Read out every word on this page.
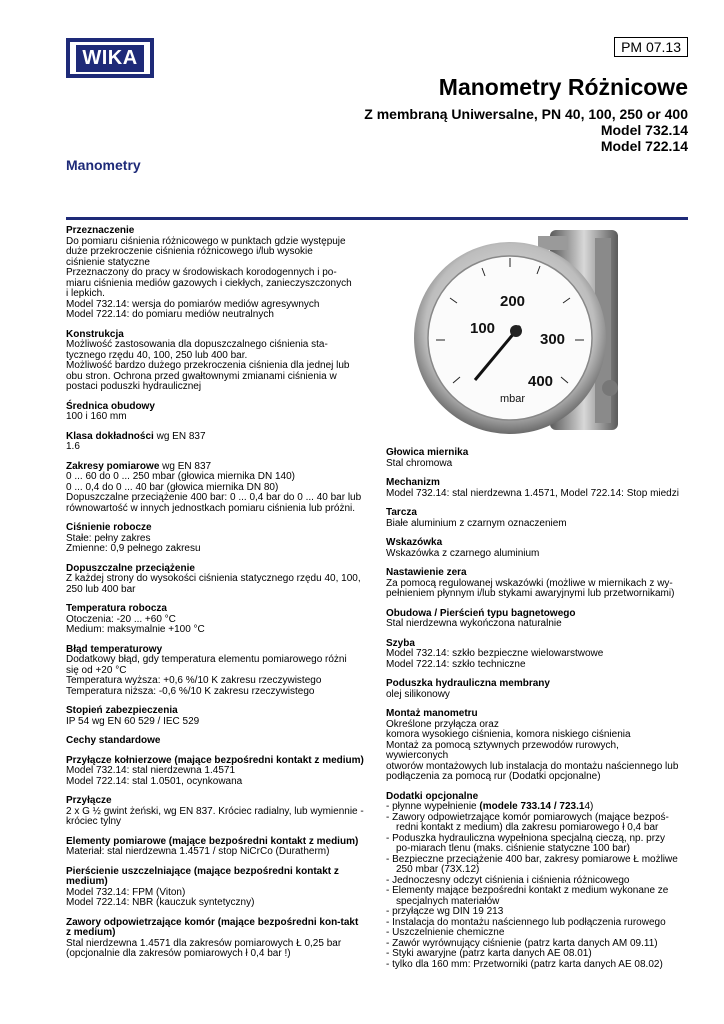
WIKA	PM 07.13
Manometry Różnicowe
Z membraną Uniwersalne, PN 40, 100, 250 or 400
Model 732.14
Model 722.14
Manometry
100
200
300
400
mbar
Przeznaczenie
Do pomiaru ciśnienia różnicowego w punktach gdzie występuje
duże przekroczenie ciśnienia różnicowego i/lub wysokie
ciśnienie statyczne
Przeznaczony do pracy w środowiskach korodogennych i po-
miaru ciśnienia mediów gazowych i ciekłych, zanieczyszczonych
i lepkich.
Model 732.14: wersja do pomiarów mediów agresywnych
Model 722.14: do pomiaru mediów neutralnych
Konstrukcja
Możliwość zastosowania dla dopuszczalnego ciśnienia sta-
tycznego rzędu 40, 100, 250 lub 400 bar.
Możliwość bardzo dużego przekroczenia ciśnienia dla jednej lub
obu stron. Ochrona przed gwałtownymi zmianami ciśnienia w
postaci poduszki hydraulicznej
Średnica obudowy
100 i 160 mm
Klasa dokładności wg EN 837
1.6
Zakresy pomiarowe wg EN 837
0 ... 60 do 0 ... 250 mbar (głowica miernika DN 140)
0 ... 0,4 do 0 ... 40 bar (głowica miernika DN 80)
Dopuszczalne przeciążenie 400 bar: 0 ... 0,4 bar do 0 ... 40 bar lub
równowartość w innych jednostkach pomiaru ciśnienia lub próżni.
Ciśnienie robocze
Stałe: pełny zakres
Zmienne: 0,9 pełnego zakresu
Dopuszczalne przeciążenie
Z każdej strony do wysokości ciśnienia statycznego rzędu 40, 100,
250 lub 400 bar
Temperatura robocza
Otoczenia: -20 ... +60 °C
Medium: maksymalnie +100 °C
Błąd temperaturowy
Dodatkowy błąd, gdy temperatura elementu pomiarowego różni
się od +20 °C
Temperatura wyższa: +0,6 %/10 K zakresu rzeczywistego
Temperatura niższa: -0,6 %/10 K zakresu rzeczywistego
Stopień zabezpieczenia
IP 54 wg EN 60 529 / IEC 529
Cechy standardowe
Przyłącze kołnierzowe (mające bezpośredni kontakt z medium)
Model 732.14: stal nierdzewna 1.4571
Model 722.14: stal 1.0501, ocynkowana
Przyłącze
2 x G ½ gwint żeński, wg EN 837. Króciec radialny, lub wymiennie -
króciec tylny
Elementy pomiarowe (mające bezpośredni kontakt z medium)
Materiał: stal nierdzewna 1.4571 / stop NiCrCo (Duratherm)
Pierścienie uszczelniające (mające bezpośredni kontakt z medium)
Model 732.14: FPM (Viton)
Model 722.14: NBR (kauczuk syntetyczny)
Zawory odpowietrzające komór (mające bezpośredni kon-takt z medium)
Stal nierdzewna 1.4571 dla zakresów pomiarowych Ł 0,25 bar
(opcjonalnie dla zakresów pomiarowych ł 0,4 bar !)
Głowica miernika
Stal chromowa
Mechanizm
Model 732.14: stal nierdzewna 1.4571, Model 722.14: Stop miedzi
Tarcza
Białe aluminium z czarnym oznaczeniem
Wskazówka
Wskazówka z czarnego aluminium
Nastawienie zera
Za pomocą regulowanej wskazówki (możliwe w miernikach z wy-
pełnieniem płynnym i/lub stykami awaryjnymi lub przetwornikami)
Obudowa / Pierścień typu bagnetowego
Stal nierdzewna wykończona naturalnie
Szyba
Model 732.14: szkło bezpieczne wielowarstwowe
Model 722.14: szkło techniczne
Poduszka hydrauliczna membrany
olej silikonowy
Montaż manometru
Określone przyłącza oraz
komora wysokiego ciśnienia, komora niskiego ciśnienia
Montaż za pomocą sztywnych przewodów rurowych, wywierconych
otworów montażowych lub instalacja do montażu naściennego lub
podłączenia za pomocą rur (Dodatki opcjonalne)
Dodatki opcjonalne
- płynne wypełnienie (modele 733.14 / 723.14)
- Zawory odpowietrzające komór pomiarowych (mające bezpoś-redni kontakt z medium) dla zakresu pomiarowego ł 0,4 bar
- Poduszka hydrauliczna wypełniona specjalną cieczą, np. przy po-miarach tlenu (maks. ciśnienie statyczne 100 bar)
- Bezpieczne przeciążenie 400 bar, zakresy pomiarowe Ł możliwe 250 mbar (73X.12)
- Jednoczesny odczyt ciśnienia i ciśnienia różnicowego
- Elementy mające bezpośredni kontakt z medium wykonane ze specjalnych materiałów
- przyłącze wg DIN 19 213
- Instalacja do montażu naściennego lub podłączenia rurowego
- Uszczelnienie chemiczne
- Zawór wyrównujący ciśnienie (patrz karta danych AM 09.11)
- Styki awaryjne (patrz karta danych AE 08.01)
- tylko dla 160 mm: Przetworniki (patrz karta danych AE 08.02)
